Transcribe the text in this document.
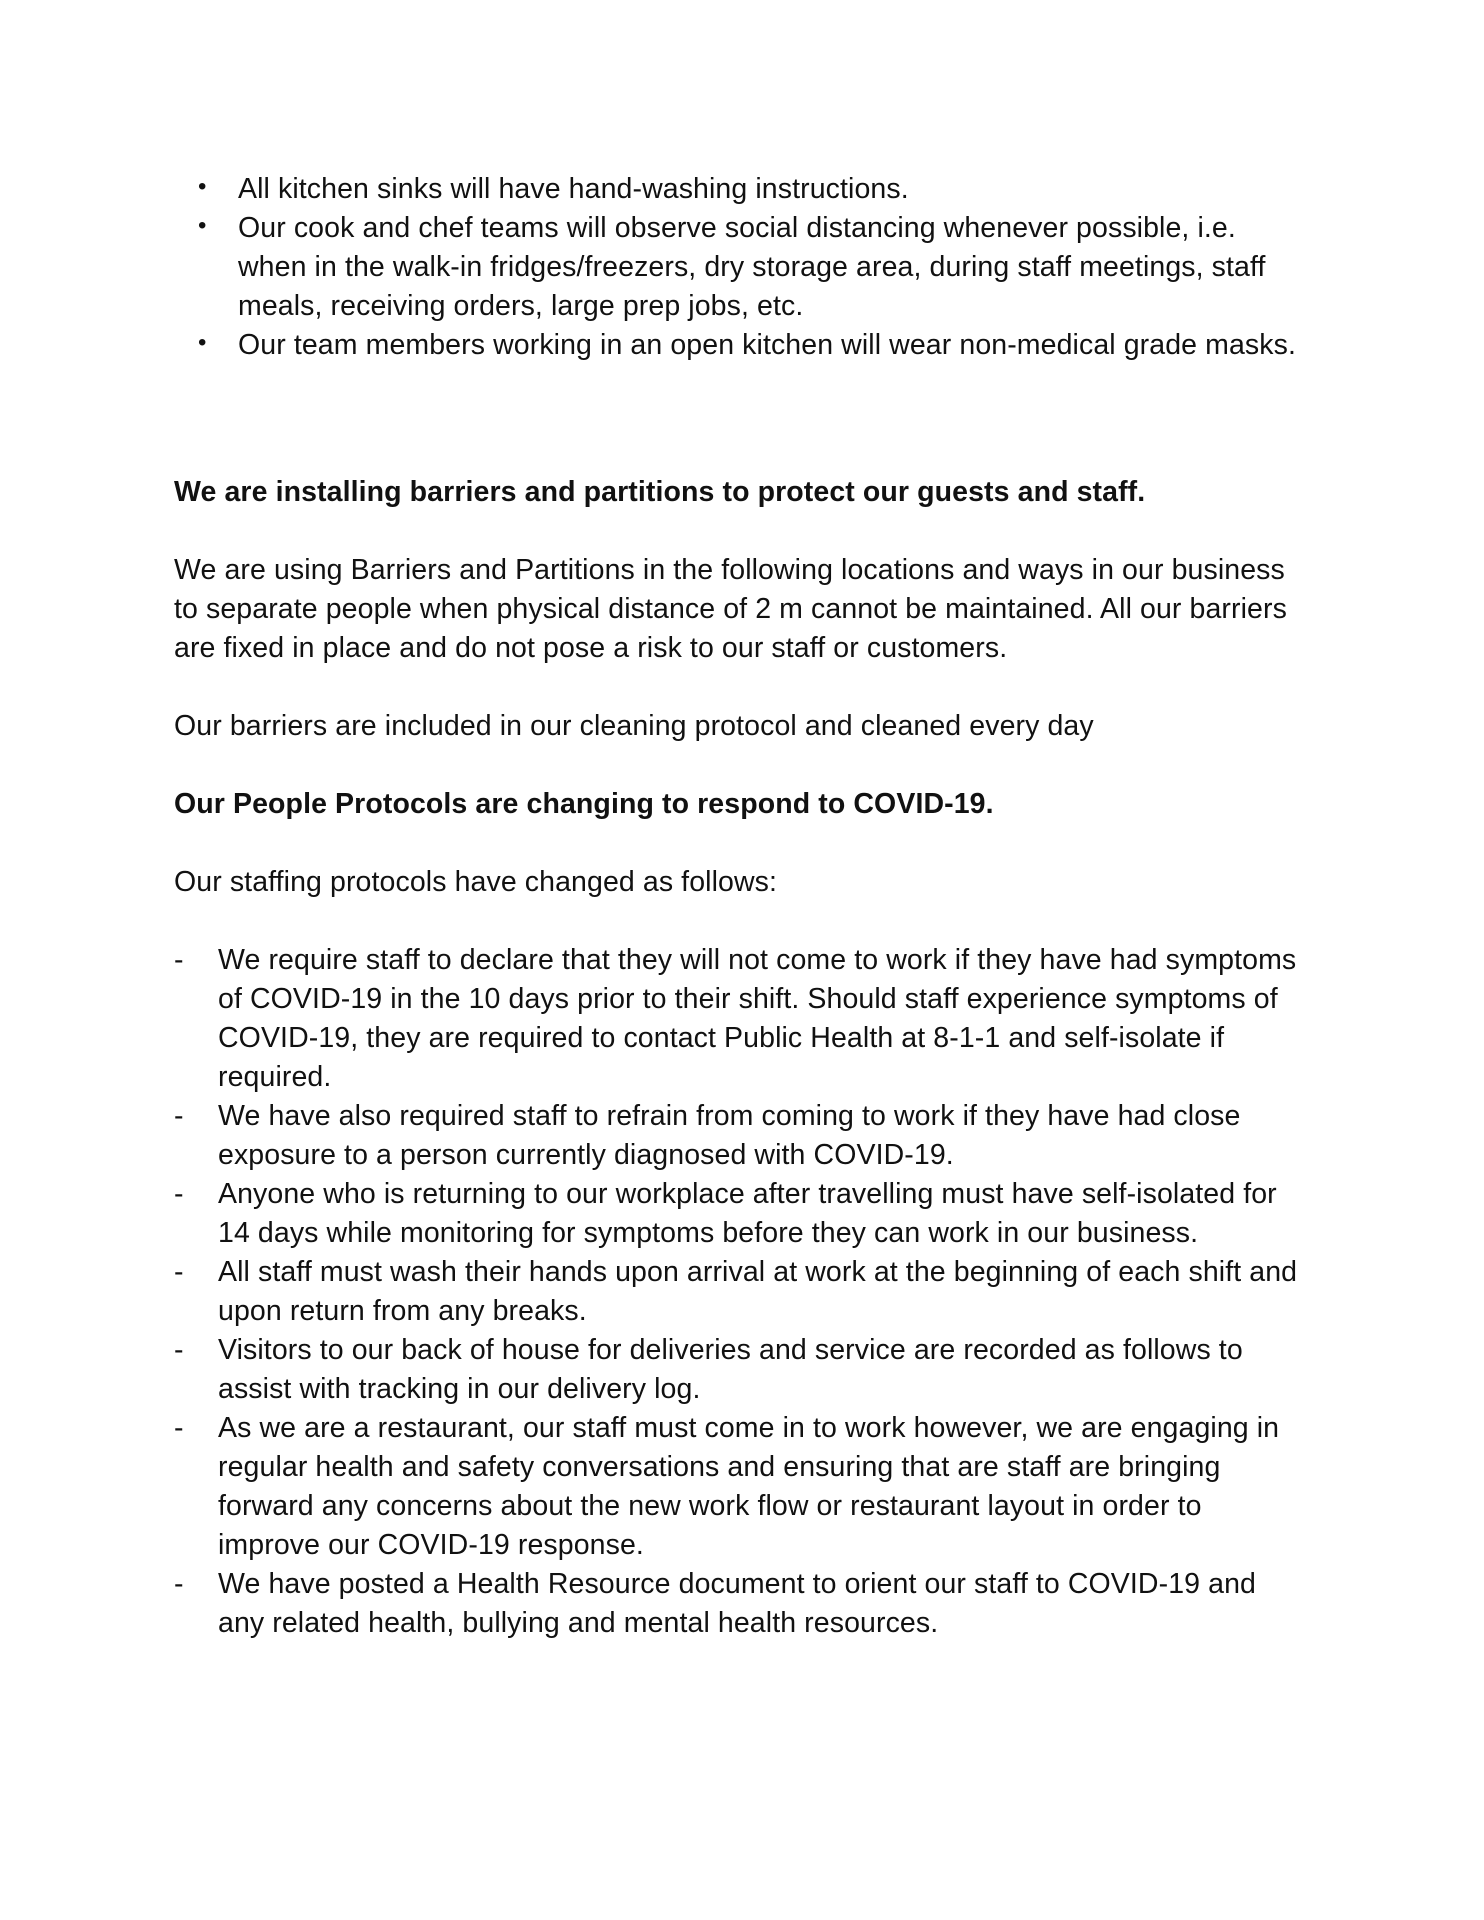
• All kitchen sinks will have hand-washing instructions.
• Our cook and chef teams will observe social distancing whenever possible, i.e. when in the walk-in fridges/freezers, dry storage area, during staff meetings, staff meals, receiving orders, large prep jobs, etc.
• Our team members working in an open kitchen will wear non-medical grade masks.

We are installing barriers and partitions to protect our guests and staff.

We are using Barriers and Partitions in the following locations and ways in our business to separate people when physical distance of 2 m cannot be maintained. All our barriers are fixed in place and do not pose a risk to our staff or customers.

Our barriers are included in our cleaning protocol and cleaned every day

Our People Protocols are changing to respond to COVID-19.

Our staffing protocols have changed as follows:

- We require staff to declare that they will not come to work if they have had symptoms of COVID-19 in the 10 days prior to their shift. Should staff experience symptoms of COVID-19, they are required to contact Public Health at 8-1-1 and self-isolate if required.
- We have also required staff to refrain from coming to work if they have had close exposure to a person currently diagnosed with COVID-19.
- Anyone who is returning to our workplace after travelling must have self-isolated for 14 days while monitoring for symptoms before they can work in our business.
- All staff must wash their hands upon arrival at work at the beginning of each shift and upon return from any breaks.
- Visitors to our back of house for deliveries and service are recorded as follows to assist with tracking in our delivery log.
- As we are a restaurant, our staff must come in to work however, we are engaging in regular health and safety conversations and ensuring that are staff are bringing forward any concerns about the new work flow or restaurant layout in order to improve our COVID-19 response.
- We have posted a Health Resource document to orient our staff to COVID-19 and any related health, bullying and mental health resources.
